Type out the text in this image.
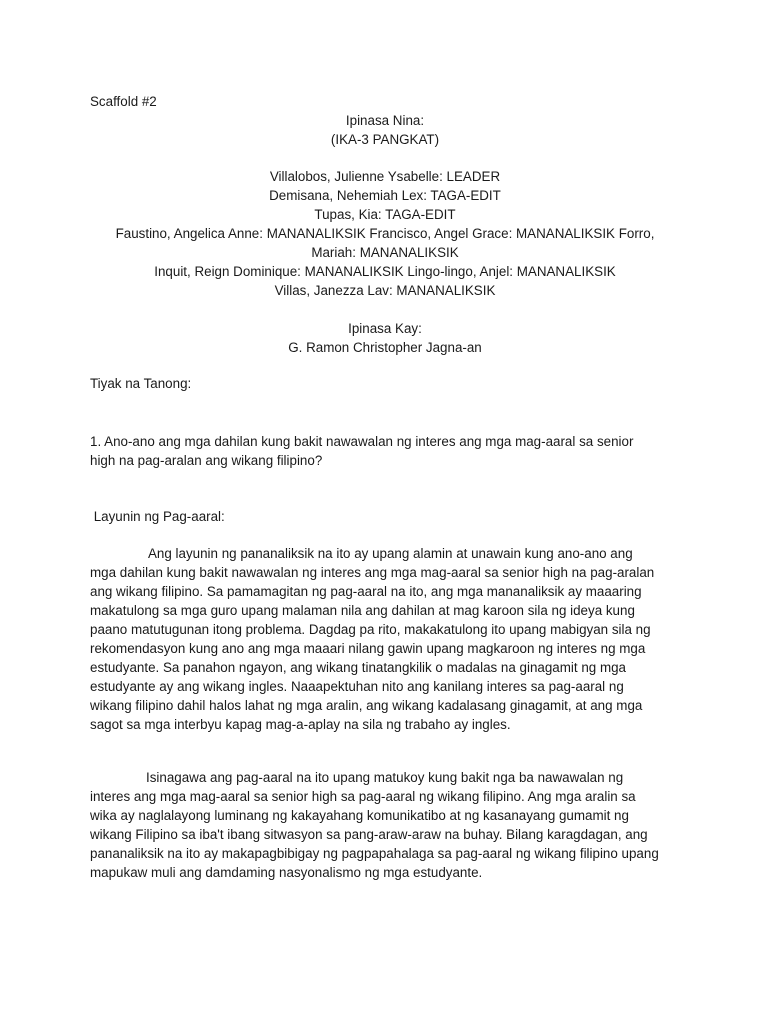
Scaffold #2

Ipinasa Nina:
(IKA-3 PANGKAT)
Villalobos, Julienne Ysabelle: LEADER
Demisana, Nehemiah Lex: TAGA-EDIT
Tupas, Kia: TAGA-EDIT
Faustino, Angelica Anne: MANANALIKSIK Francisco, Angel Grace: MANANALIKSIK Forro,
Mariah: MANANALIKSIK
Inquit, Reign Dominique: MANANALIKSIK Lingo-lingo, Anjel: MANANALIKSIK
Villas, Janezza Lav: MANANALIKSIK
Ipinasa Kay:
G. Ramon Christopher Jagna-an

Tiyak na Tanong:

1. Ano-ano ang mga dahilan kung bakit nawawalan ng interes ang mga mag-aaral sa senior
high na pag-aralan ang wikang filipino?

Layunin ng Pag-aaral:

Ang layunin ng pananaliksik na ito ay upang alamin at unawain kung ano-ano ang
mga dahilan kung bakit nawawalan ng interes ang mga mag-aaral sa senior high na pag-aralan
ang wikang filipino. Sa pamamagitan ng pag-aaral na ito, ang mga mananaliksik ay maaaring
makatulong sa mga guro upang malaman nila ang dahilan at mag karoon sila ng ideya kung
paano matutugunan itong problema. Dagdag pa rito, makakatulong ito upang mabigyan sila ng
rekomendasyon kung ano ang mga maaari nilang gawin upang magkaroon ng interes ng mga
estudyante. Sa panahon ngayon, ang wikang tinatangkilik o madalas na ginagamit ng mga
estudyante ay ang wikang ingles. Naaapektuhan nito ang kanilang interes sa pag-aaral ng
wikang filipino dahil halos lahat ng mga aralin, ang wikang kadalasang ginagamit, at ang mga
sagot sa mga interbyu kapag mag-a-aplay na sila ng trabaho ay ingles.
Isinagawa ang pag-aaral na ito upang matukoy kung bakit nga ba nawawalan ng
interes ang mga mag-aaral sa senior high sa pag-aaral ng wikang filipino. Ang mga aralin sa
wika ay naglalayong luminang ng kakayahang komunikatibo at ng kasanayang gumamit ng
wikang Filipino sa iba't ibang sitwasyon sa pang-araw-araw na buhay. Bilang karagdagan, ang
pananaliksik na ito ay makapagbibigay ng pagpapahalaga sa pag-aaral ng wikang filipino upang
mapukaw muli ang damdaming nasyonalismo ng mga estudyante.
